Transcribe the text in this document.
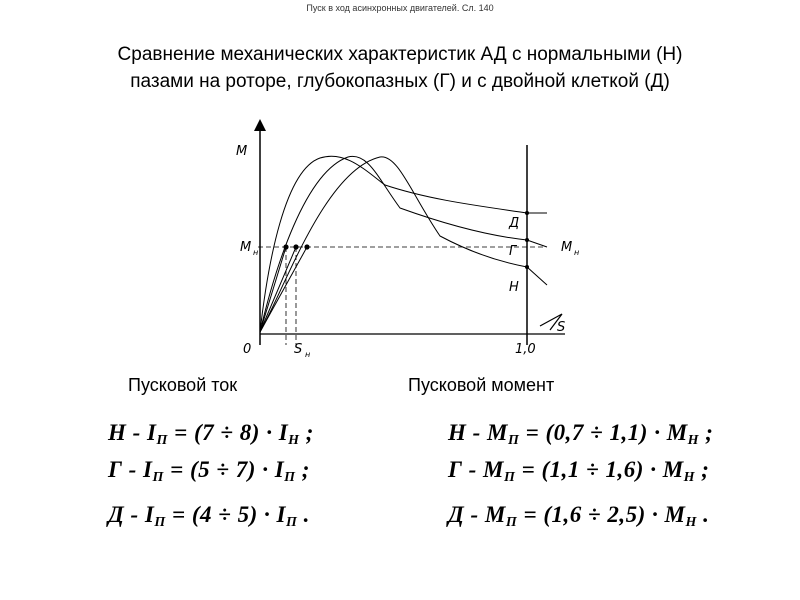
Пуск в ход асинхронных двигателей. Сл. 140
Сравнение механических характеристик АД с нормальными (Н)
пазами на роторе, глубокопазных (Г) и с двойной клеткой (Д)
М
S
0	1,0
М н	М н
S н
Д
Г
Н
Пусковой ток	Пусковой момент
$Н - I_П = (7 \div 8) \cdot I_Н$ ;
$Г - I_П = (5 \div 7) \cdot I_П$ ;
$Д - I_П = (4 \div 5) \cdot I_П$ .
$Н - M_П = (0,7 \div 1,1) \cdot M_Н$ ;
$Г - M_П = (1,1 \div 1,6) \cdot M_Н$ ;
$Д - M_П = (1,6 \div 2,5) \cdot M_Н$ .
